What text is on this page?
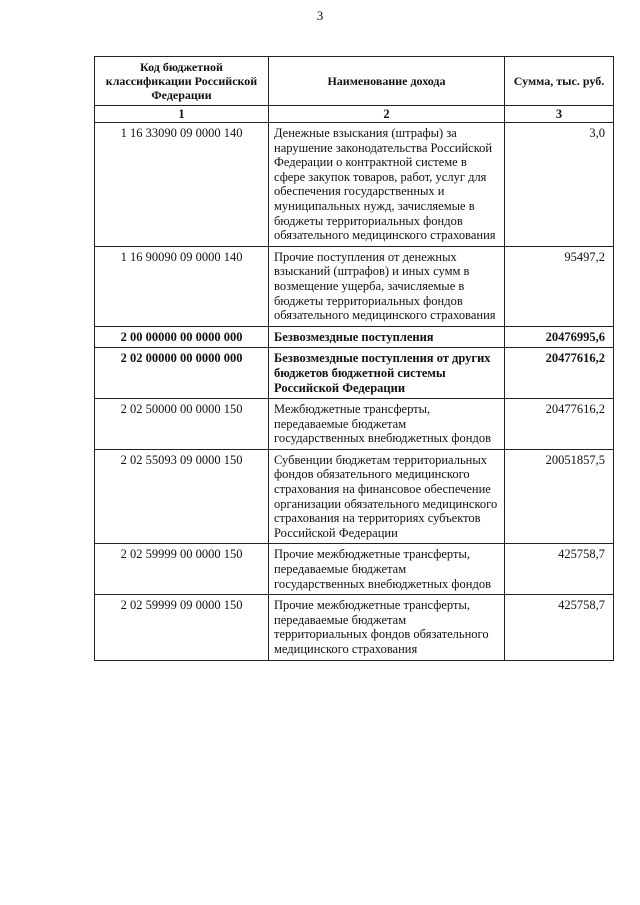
3
Код бюджетной классификации Российской Федерации	Наименование дохода	Сумма, тыс. руб.
1	2	3
1 16 33090 09 0000 140	Денежные взыскания (штрафы) за нарушение законодательства Российской Федерации о контрактной системе в сфере закупок товаров, работ, услуг для обеспечения государственных и муниципальных нужд, зачисляемые в бюджеты территориальных фондов обязательного медицинского страхования	3,0
1 16 90090 09 0000 140	Прочие поступления от денежных взысканий (штрафов) и иных сумм в возмещение ущерба, зачисляемые в бюджеты территориальных фондов обязательного медицинского страхования	95497,2
2 00 00000 00 0000 000	Безвозмездные поступления	20476995,6
2 02 00000 00 0000 000	Безвозмездные поступления от других бюджетов бюджетной системы Российской Федерации	20477616,2
2 02 50000 00 0000 150	Межбюджетные трансферты, передаваемые бюджетам государственных внебюджетных фондов	20477616,2
2 02 55093 09 0000 150	Субвенции бюджетам территориальных фондов обязательного медицинского страхования на финансовое обеспечение организации обязательного медицинского страхования на территориях субъектов Российской Федерации	20051857,5
2 02 59999 00 0000 150	Прочие межбюджетные трансферты, передаваемые бюджетам государственных внебюджетных фондов	425758,7
2 02 59999 09 0000 150	Прочие межбюджетные трансферты, передаваемые бюджетам территориальных фондов обязательного медицинского страхования	425758,7
